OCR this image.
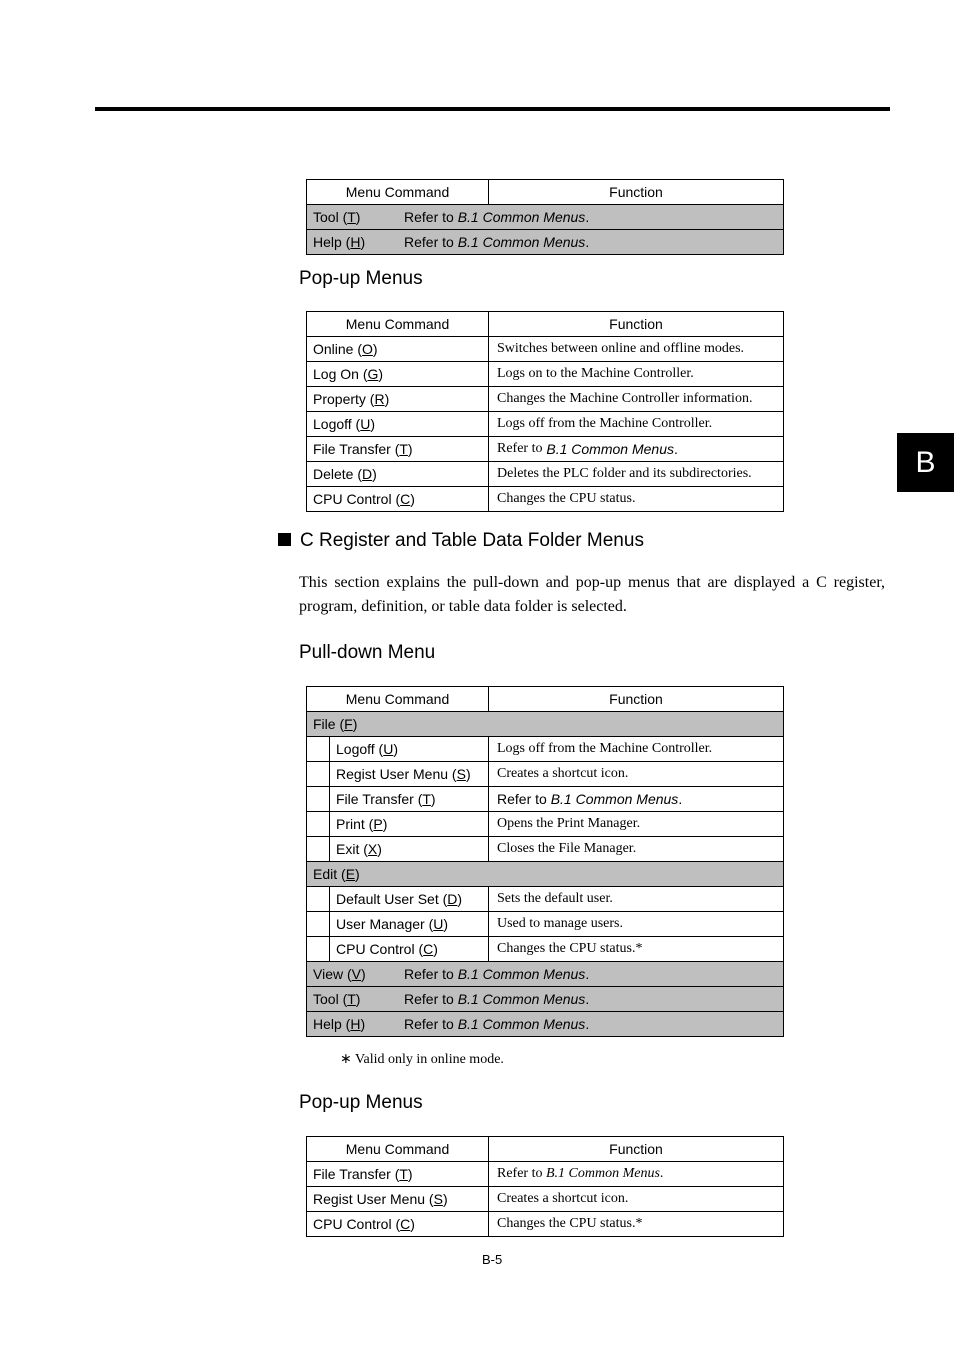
B
Menu Command	Function
Tool ( T )	Refer to
B.1 Common Menus .
Help ( H )	Refer to
B.1 Common Menus .
Pop-up Menus
Menu Command	Function
Online ( O )	Switches between online and offline modes.
Log On ( G )	Logs on to the Machine Controller.
Property ( R )	Changes the Machine Controller information.
Logoff ( U )	Logs off from the Machine Controller.
File Transfer ( T )	Refer to
B.1 Common Menus .
Delete ( D )	Deletes the PLC folder and its subdirectories.
CPU Control ( C )	Changes the CPU status.
C Register and Table Data Folder Menus
This section explains the pull-down and pop-up menus that are displayed a C register, program, definition, or table data folder is selected.
Pull-down Menu
Menu Command	Function
File ( F )
Logoff ( U )	Logs off from the Machine Controller.
Regist User Menu ( S )	Creates a shortcut icon.
File Transfer ( T )	Refer to
B.1 Common Menus .
Print ( P )	Opens the Print Manager.
Exit ( X )	Closes the File Manager.
Edit ( E )
Default User Set ( D )	Sets the default user.
User Manager ( U )	Used to manage users.
CPU Control ( C )	Changes the CPU status.*
View ( V )	Refer to
B.1 Common Menus .
Tool ( T )	Refer to
B.1 Common Menus .
Help ( H )	Refer to
B.1 Common Menus .
∗ Valid only in online mode.
Pop-up Menus
Menu Command	Function
File Transfer ( T )	Refer to
B.1 Common Menus .
Regist User Menu ( S )	Creates a shortcut icon.
CPU Control ( C )	Changes the CPU status.*
B-5
